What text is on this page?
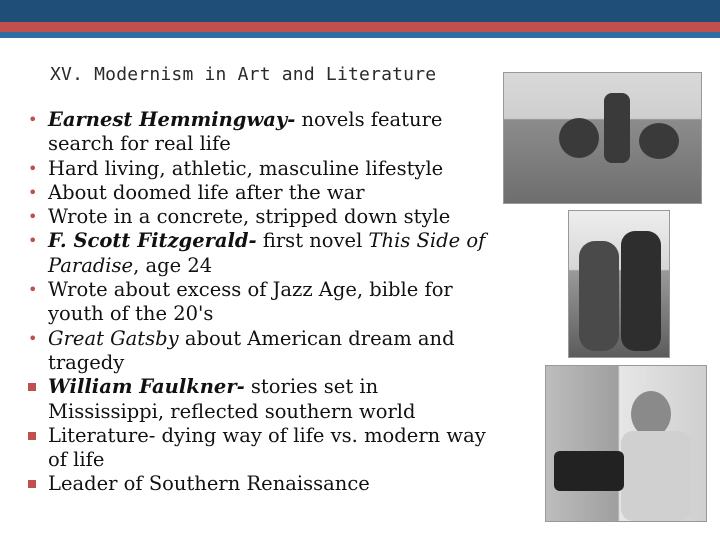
XV. Modernism in Art and Literature
• Earnest Hemmingway- novels feature search for real life
• Hard living, athletic, masculine lifestyle
• About doomed life after the war
• Wrote in a concrete, stripped down style
• F. Scott Fitzgerald- first novel This Side of Paradise, age 24
• Wrote about excess of Jazz Age, bible for youth of the 20's
• Great Gatsby about American dream and tragedy
William Faulkner- stories set in Mississippi, reflected southern world
Literature- dying way of life vs. modern way of life
Leader of Southern Renaissance
